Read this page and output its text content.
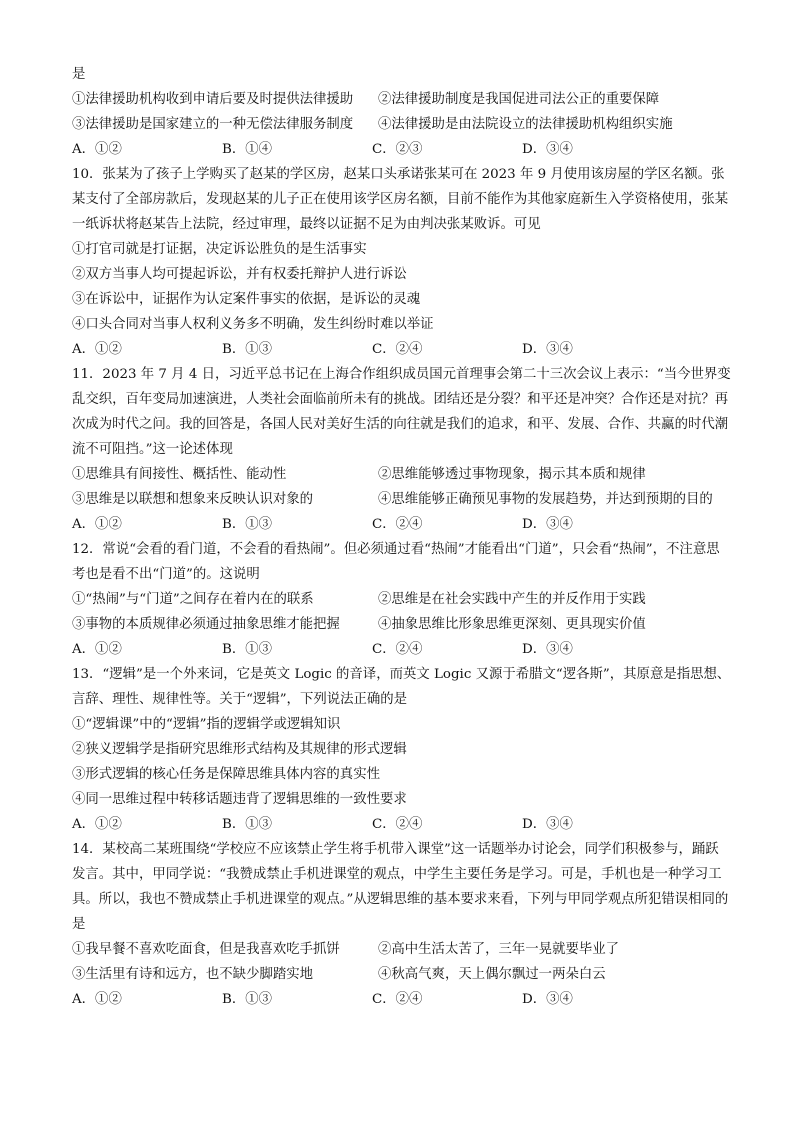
是
①法律援助机构收到申请后要及时提供法律援助	②法律援助制度是我国促进司法公正的重要保障
③法律援助是国家建立的一种无偿法律服务制度	④法律援助是由法院设立的法律援助机构组织实施
A．①②	B．①④	C．②③	D．③④
10．张某为了孩子上学购买了赵某的学区房，赵某口头承诺张某可在 2023 年 9 月使用该房屋的学区名额。张某支付了全部房款后，发现赵某的儿子正在使用该学区房名额，目前不能作为其他家庭新生入学资格使用，张某一纸诉状将赵某告上法院，经过审理，最终以证据不足为由判决张某败诉。可见
①打官司就是打证据，决定诉讼胜负的是生活事实
②双方当事人均可提起诉讼，并有权委托辩护人进行诉讼
③在诉讼中，证据作为认定案件事实的依据，是诉讼的灵魂
④口头合同对当事人权利义务多不明确，发生纠纷时难以举证
A．①②	B．①③	C．②④	D．③④
11．2023 年 7 月 4 日，习近平总书记在上海合作组织成员国元首理事会第二十三次会议上表示：“当今世界变乱交织，百年变局加速演进，人类社会面临前所未有的挑战。团结还是分裂？和平还是冲突？合作还是对抗？再次成为时代之问。我的回答是，各国人民对美好生活的向往就是我们的追求，和平、发展、合作、共赢的时代潮流不可阻挡。”这一论述体现
①思维具有间接性、概括性、能动性	②思维能够透过事物现象，揭示其本质和规律
③思维是以联想和想象来反映认识对象的	④思维能够正确预见事物的发展趋势，并达到预期的目的
A．①②	B．①③	C．②④	D．③④
12．常说“会看的看门道，不会看的看热闹”。但必须通过看“热闹”才能看出“门道”，只会看“热闹”，不注意思考也是看不出“门道”的。这说明
①“热闹”与“门道”之间存在着内在的联系	②思维是在社会实践中产生的并反作用于实践
③事物的本质规律必须通过抽象思维才能把握	④抽象思维比形象思维更深刻、更具现实价值
A．①②	B．①③	C．②④	D．③④
13．“逻辑”是一个外来词，它是英文 Logic 的音译，而英文 Logic 又源于希腊文“逻各斯”，其原意是指思想、言辞、理性、规律性等。关于“逻辑”，下列说法正确的是
①“逻辑课”中的“逻辑”指的逻辑学或逻辑知识
②狭义逻辑学是指研究思维形式结构及其规律的形式逻辑
③形式逻辑的核心任务是保障思维具体内容的真实性
④同一思维过程中转移话题违背了逻辑思维的一致性要求
A．①②	B．①③	C．②④	D．③④
14．某校高二某班围绕“学校应不应该禁止学生将手机带入课堂”这一话题举办讨论会，同学们积极参与，踊跃发言。其中，甲同学说：“我赞成禁止手机进课堂的观点，中学生主要任务是学习。可是，手机也是一种学习工具。所以，我也不赞成禁止手机进课堂的观点。”从逻辑思维的基本要求来看，下列与甲同学观点所犯错误相同的是
①我早餐不喜欢吃面食，但是我喜欢吃手抓饼	②高中生活太苦了，三年一晃就要毕业了
③生活里有诗和远方，也不缺少脚踏实地	④秋高气爽，天上偶尔飘过一两朵白云
A．①②	B．①③	C．②④	D．③④
